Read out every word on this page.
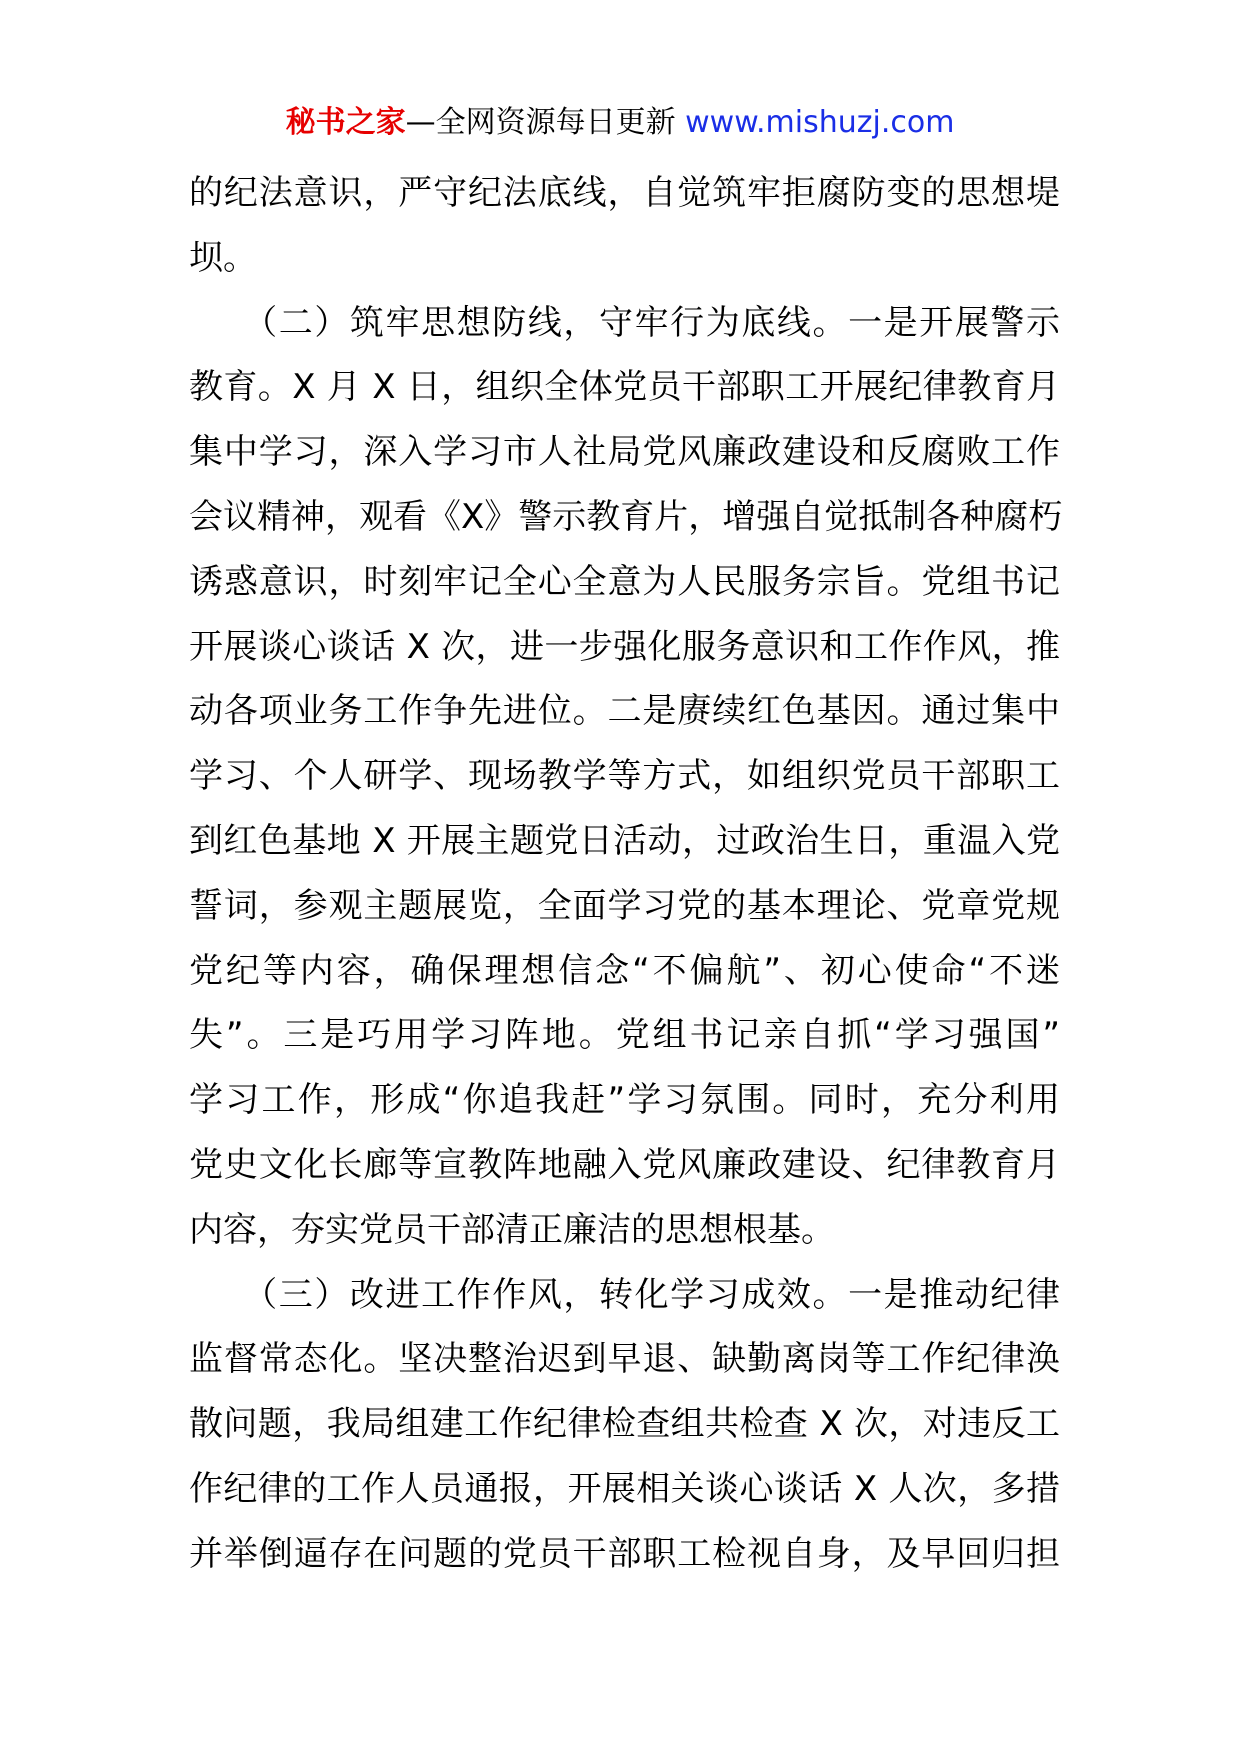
秘书之家—全网资源每日更新 www.mishuzj.com
的纪法意识，严守纪法底线，自觉筑牢拒腐防变的思想堤
坝。
　　（二）筑牢思想防线，守牢行为底线。一是开展警示
教育。X 月 X 日，组织全体党员干部职工开展纪律教育月
集中学习，深入学习市人社局党风廉政建设和反腐败工作
会议精神，观看《X》警示教育片，增强自觉抵制各种腐朽
诱惑意识，时刻牢记全心全意为人民服务宗旨。党组书记
开展谈心谈话 X 次，进一步强化服务意识和工作作风，推
动各项业务工作争先进位。二是赓续红色基因。通过集中
学习、个人研学、现场教学等方式，如组织党员干部职工
到红色基地 X 开展主题党日活动，过政治生日，重温入党
誓词，参观主题展览，全面学习党的基本理论、党章党规
党纪等内容，确保理想信念“不偏航”、初心使命“不迷
失”。三是巧用学习阵地。党组书记亲自抓“学习强国”
学习工作，形成“你追我赶”学习氛围。同时，充分利用
党史文化长廊等宣教阵地融入党风廉政建设、纪律教育月
内容，夯实党员干部清正廉洁的思想根基。
　　（三）改进工作作风，转化学习成效。一是推动纪律
监督常态化。坚决整治迟到早退、缺勤离岗等工作纪律涣
散问题，我局组建工作纪律检查组共检查 X 次，对违反工
作纪律的工作人员通报，开展相关谈心谈话 X 人次，多措
并举倒逼存在问题的党员干部职工检视自身，及早回归担
